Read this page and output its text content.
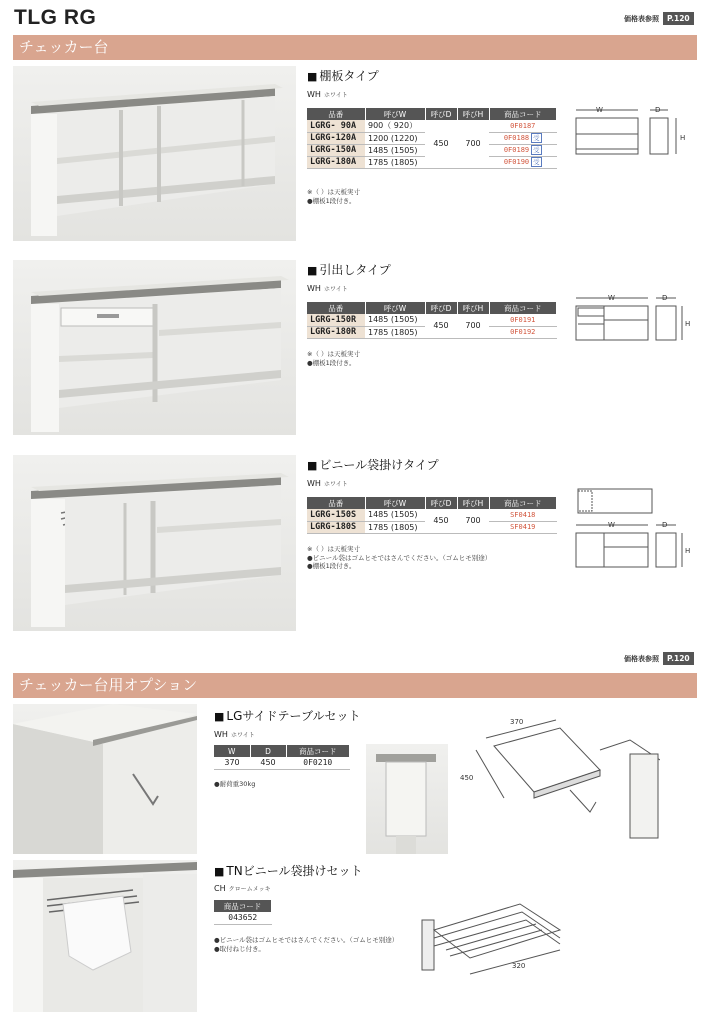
TLG RG	価格表参照	P.120
チェッカー台
■ 棚板タイプ
WH ホワイト
品番	呼びW	呼びD	呼びH	商品コード
LGRG- 90A	900（ 920）	450	700	0F0187
LGRG-120A	1200 (1220)			0F0188 受
LGRG-150A	1485 (1505)			0F0189 受
LGRG-180A	1785 (1805)			0F0190 受
※（ ）は天板実寸
●棚板1段付き。
W	D
H
■ 引出しタイプ
WH ホワイト
品番	呼びW	呼びD	呼びH	商品コード
LGRG-150R	1485 (1505)	450	700	0F0191
LGRG-180R	1785 (1805)			0F0192
※（ ）は天板実寸
●棚板1段付き。
W	D
H
■ ビニール袋掛けタイプ
WH ホワイト
品番	呼びW	呼びD	呼びH	商品コード
LGRG-150S	1485 (1505)	450	700	SF0418
LGRG-180S	1785 (1805)			SF0419
※（ ）は天板実寸
●ビニール袋はゴムヒモではさんでください。（ゴムヒモ別途）
●棚板1段付き。
W	D
H
価格表参照	P.120
チェッカー台用オプション
■ LGサイドテーブルセット
WH ホワイト
W	D	商品コード
370	450	0F0210
●耐荷重30kg
370
450
■ TNビニール袋掛けセット
CH クロームメッキ
商品コード
043652
●ビニール袋はゴムヒモではさんでください。（ゴムヒモ別途）
●取付ねじ付き。
320
